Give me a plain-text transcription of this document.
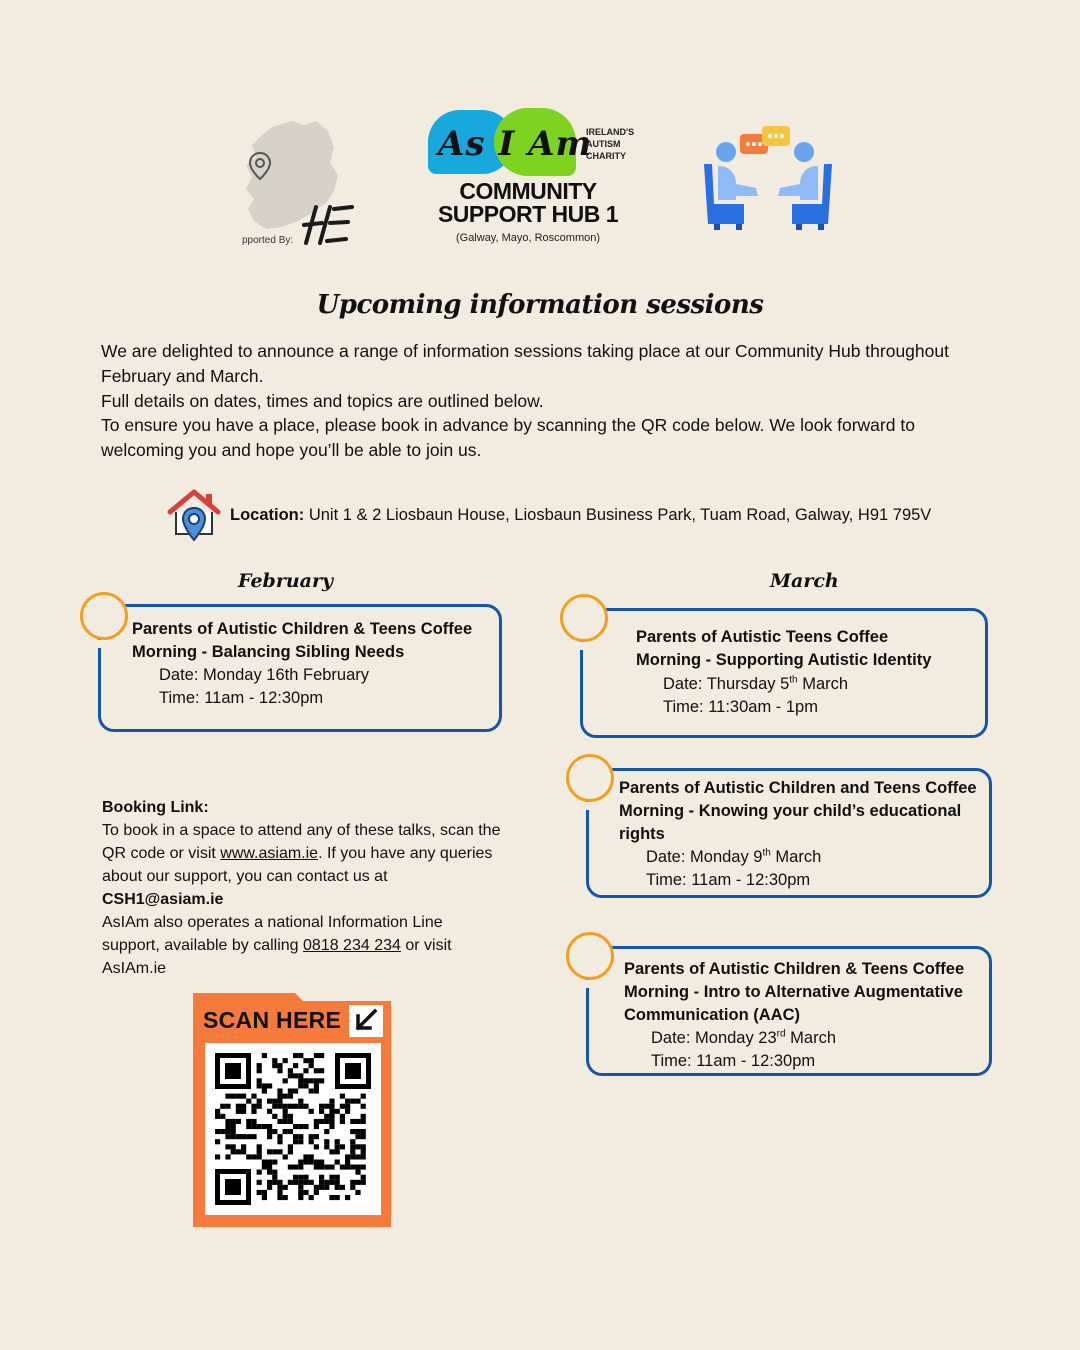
pported By:
As I Am
IRELAND'S
AUTISM
CHARITY
COMMUNITY
SUPPORT HUB 1
(Galway, Mayo, Roscommon)
Upcoming information sessions

We are delighted to announce a range of information sessions taking place at our Community Hub throughout February and March.

Full details on dates, times and topics are outlined below.

To ensure you have a place, please book in advance by scanning the QR code below. We look forward to welcoming you and hope you’ll be able to join us.

Location: Unit 1 & 2 Liosbaun House, Liosbaun Business Park, Tuam Road, Galway, H91 795V
February	March
Parents of Autistic Children & Teens Coffee
Morning - Balancing Sibling Needs
Date: Monday 16th February
Time: 11am - 12:30pm
Parents of Autistic Teens Coffee
Morning - Supporting Autistic Identity
Date: Thursday 5th March
Time: 11:30am - 1pm
Parents of Autistic Children and Teens Coffee
Morning - Knowing your child’s educational
rights
Date: Monday 9th March
Time: 11am - 12:30pm
Parents of Autistic Children & Teens Coffee
Morning - Intro to Alternative Augmentative
Communication (AAC)
Date: Monday 23rd March
Time: 11am - 12:30pm
Booking Link:
To book in a space to attend any of these talks, scan the QR code or visit www.asiam.ie. If you have any queries about our support, you can contact us at CSH1@asiam.ie
AsIAm also operates a national Information Line support, available by calling 0818 234 234 or visit AsIAm.ie
SCAN HERE
